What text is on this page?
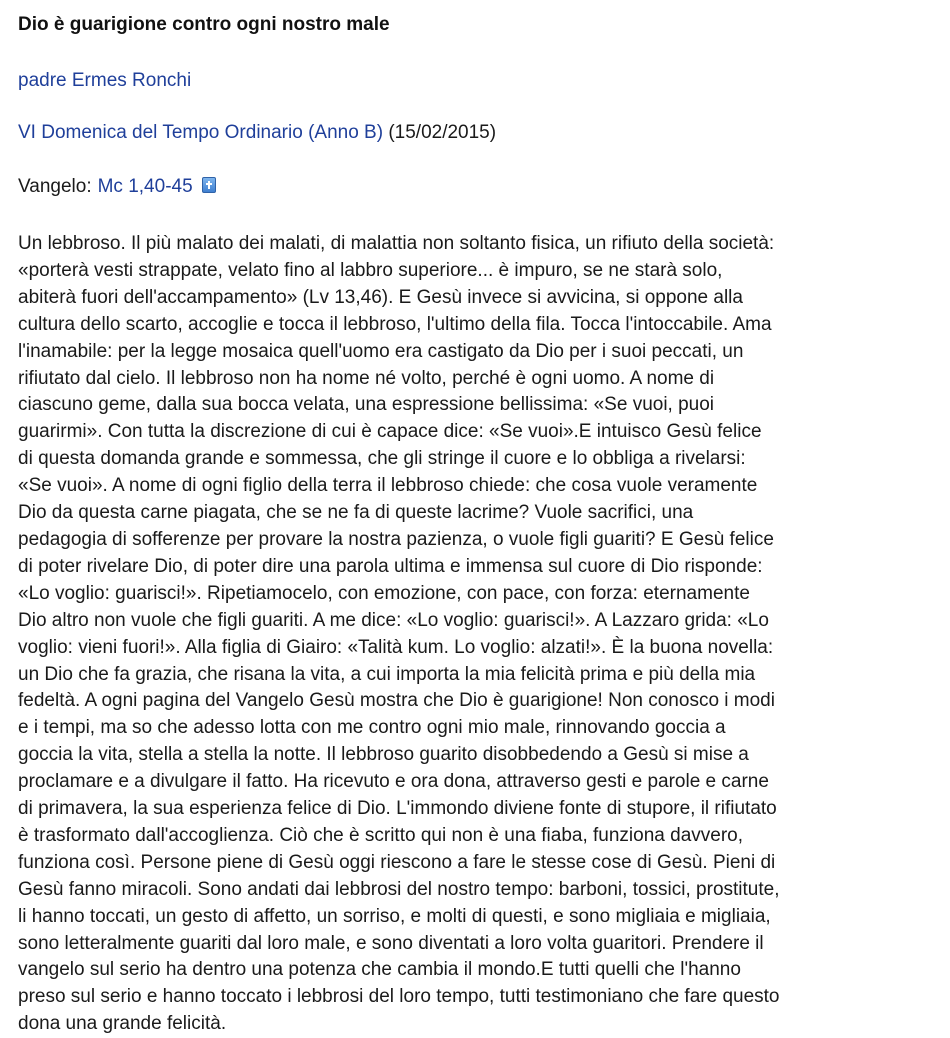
Dio è guarigione contro ogni nostro male
padre Ermes Ronchi
VI Domenica del Tempo Ordinario (Anno B) (15/02/2015)
Vangelo: Mc 1,40-45
Un lebbroso. Il più malato dei malati, di malattia non soltanto fisica, un rifiuto della società:
«porterà vesti strappate, velato fino al labbro superiore... è impuro, se ne starà solo,
abiterà fuori dell'accampamento» (Lv 13,46). E Gesù invece si avvicina, si oppone alla
cultura dello scarto, accoglie e tocca il lebbroso, l'ultimo della fila. Tocca l'intoccabile. Ama
l'inamabile: per la legge mosaica quell'uomo era castigato da Dio per i suoi peccati, un
rifiutato dal cielo. Il lebbroso non ha nome né volto, perché è ogni uomo. A nome di
ciascuno geme, dalla sua bocca velata, una espressione bellissima: «Se vuoi, puoi
guarirmi». Con tutta la discrezione di cui è capace dice: «Se vuoi».E intuisco Gesù felice
di questa domanda grande e sommessa, che gli stringe il cuore e lo obbliga a rivelarsi:
«Se vuoi». A nome di ogni figlio della terra il lebbroso chiede: che cosa vuole veramente
Dio da questa carne piagata, che se ne fa di queste lacrime? Vuole sacrifici, una
pedagogia di sofferenze per provare la nostra pazienza, o vuole figli guariti? E Gesù felice
di poter rivelare Dio, di poter dire una parola ultima e immensa sul cuore di Dio risponde:
«Lo voglio: guarisci!». Ripetiamocelo, con emozione, con pace, con forza: eternamente
Dio altro non vuole che figli guariti. A me dice: «Lo voglio: guarisci!». A Lazzaro grida: «Lo
voglio: vieni fuori!». Alla figlia di Giairo: «Talità kum. Lo voglio: alzati!». È la buona novella:
un Dio che fa grazia, che risana la vita, a cui importa la mia felicità prima e più della mia
fedeltà. A ogni pagina del Vangelo Gesù mostra che Dio è guarigione! Non conosco i modi
e i tempi, ma so che adesso lotta con me contro ogni mio male, rinnovando goccia a
goccia la vita, stella a stella la notte. Il lebbroso guarito disobbedendo a Gesù si mise a
proclamare e a divulgare il fatto. Ha ricevuto e ora dona, attraverso gesti e parole e carne
di primavera, la sua esperienza felice di Dio. L'immondo diviene fonte di stupore, il rifiutato
è trasformato dall'accoglienza. Ciò che è scritto qui non è una fiaba, funziona davvero,
funziona così. Persone piene di Gesù oggi riescono a fare le stesse cose di Gesù. Pieni di
Gesù fanno miracoli. Sono andati dai lebbrosi del nostro tempo: barboni, tossici, prostitute,
li hanno toccati, un gesto di affetto, un sorriso, e molti di questi, e sono migliaia e migliaia,
sono letteralmente guariti dal loro male, e sono diventati a loro volta guaritori. Prendere il
vangelo sul serio ha dentro una potenza che cambia il mondo.E tutti quelli che l'hanno
preso sul serio e hanno toccato i lebbrosi del loro tempo, tutti testimoniano che fare questo
dona una grande felicità.
